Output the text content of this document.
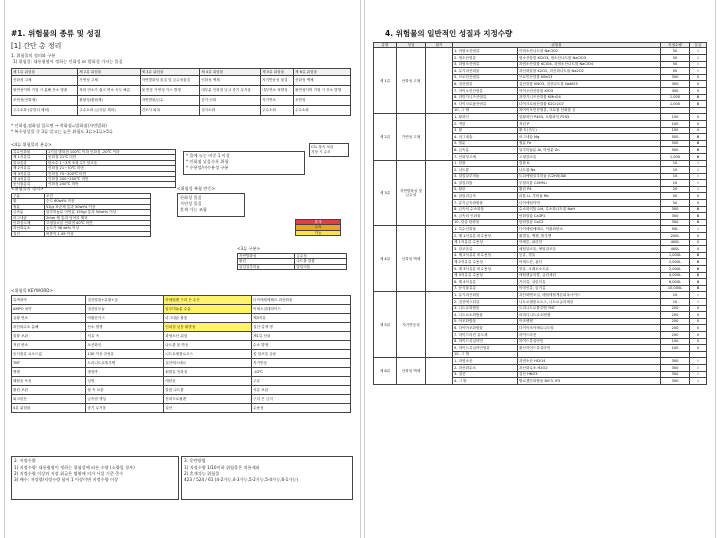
#1. 위험물의 종류 및 성질
[1] 간단 총 정리
1. 위험물의 정의와 구분
1) 위험물: 대통령령이 정하는 인화성 or 발화성 가지는 물질
제 1류 위험물	제 2류 위험물	제 3류 위험물	제 4류 위험물	제 5류 위험물	제 6류 위험물
산화성 고체	가연성 고체	자연발화성 물질 및 금수성물질	인화성 액체	자기반응성 물질	산화성 액체
불연성이며 가열 시 분해 산소 방출	착화 연소가 쉽고 연소 속도 빠름	물 반응 가연성 가스 발생	대부분 인화점 낮고 증기 무거움	내부연소 폭발성	불연성이며 가열 시 산소 발생
조연성(산화제)	환원성(환원제)	자연발화/금수	증기 인화	자기연소	조연성
주수소화 (알칼리 제외)	주수소화 (금속분 제외)	건조사 피복	질식소화	주수소화	주수소화
* 인화점,점화점 있으면 → 착화점=발화점(자연발화)
* 복수성상물 중 3류 알고는 높은 위험도 3류>1류>5류
<4류 위험물의 분류>
특수인화물	1기압 발화점 100℃ 이하 인화점 -20℃ 이하
제 1석유류	인화점 21℃ 미만
알코올류	탄소수 1~3개 포화 1가 알코올
제 2석유류	인화점 21~70℃ 미만
제 3석유류	인화점 70~200℃ 미만
제 4석유류	인화점 200~250℃ 미만
동식물유류	인화점 250℃ 미만
* 물에 녹는 비중 1 이상
* 인화점 낮을수록 위험
* 수용성/비수용성 구분
CS₂ 물속 보관
저장 시 수조
<위험물의 정의>
구분	조건
황	순도 60wt% 이상
철분	53㎛ 표준체 통과 50wt% 이상
금속분	알루미늄분 아연분 150㎛ 통과 50wt% 이상
마그네슘	2mm 체 통과 덩어리 제외
인화성고체	고형알코올 인화점 40℃ 미만
과산화수소	농도가 36 wt% 이상
질산	비중이 1.49 이상
<위험성 복합 반응>
산화성 물질
가연성 물질
혼재 가능 조합
혼재
주의
가능
<3류 구분>
자연발화성	금수성
황린	나트륨 칼륨
알킬알루미늄	알킬리튬
<위험물 KEYWORD>
흑색화약	질산칼륨+유황+숯	아세틸렌 구리 은 수은	다이에틸에테르 과산화물
AMPO 폭약	질산암모늄	알루미늄분 수분	아세트알데하이드
유황 연소	아황산가스	마그네슘 불꽃	제3석유
과산화수소 분해	산소 발생	인화점 낮음 휘발성	질산 갈색 병
칼륨 보관	석유 속	과염소산 위험	제1류 산화
적린 연소	오산화인	나트륨 물 반응	수소 발생
동식물유 요오드값	130 이상 건성유	니트로셀룰로오스	물 알코올 습윤
TNT	트리니트로톨루엔	질산에스테르	자기반응
벤젠	방향족	휘발유 인화점	-43℃
메탄올 독성	실명	에탄올	주류
황린 보관	물 속 보관	칼륨 나트륨	석유 보관
피크린산	금속염 생성	산화프로필렌	구리 은 금지
4류 위험물	증기 무거움	질산	수용성
2. 지정수량
1) 지정수량: 대통령령이 정하는 위험성에 따른 수량 (소량일 경우)
2) 지정수량 이상의 저장 취급은 법령에 의거 시설 기준 준수
3) 배수: 저장량/지정수량 합이 1 이상이면 지정수량 이상
3. 운반방법
1) 지정수량 1/10이하 위험물은 적용제외
2) 혼재가능 위험물
423 / 524 / 61 (4-2가능,4-3가능,5-2가능,5-4가능,6-1가능)
4. 위험물의 일반적인 성질과 지정수량
유별	성질	참기	위험물		지정수량	등급
제 1류	산화성 고체		1. 아염소산염류	아염소산나트륨 NaClO2	50	Ⅰ
			2. 염소산염류	염소산칼륨 KClO3, 염소산나트륨 NaClO3	50	Ⅰ
			3. 과염소산염류	과염소산칼륨 KClO4, 과염소산나트륨 NaClO4	50	Ⅰ
			4. 무기과산화물	과산화칼륨 K2O2, 과산화나트륨 Na2O2	50	Ⅰ
			5. 브로민산염류	브로민산칼륨 KBrO3	300	Ⅱ
			6. 질산염류	질산칼륨 KNO3, 질산나트륨 NaNO3	300	Ⅱ
			7. 아이오딘산염류	아이오딘산칼륨 KIO3	300	Ⅱ
			8. 과망가니즈산염류	과망가니즈산칼륨 KMnO4	1,000	Ⅲ
			9. 다이크로뮴산염류	다이크로뮴산칼륨 K2Cr2O7	1,000	Ⅲ
			10. 그 밖	과아이오딘산염류, 크로뮴 산화물 등		
제 2류	가연성 고체		1. 황화인	삼황화인 P4S3, 오황화인 P2S5	100	Ⅱ
			2. 적린	적린 P	100	Ⅱ
			3. 황	황 S (순도)	100	Ⅱ
			4. 마그네슘	마그네슘 Mg	500	Ⅲ
			5. 철분	철분 Fe	500	Ⅲ
			6. 금속분	알루미늄분 Al, 아연분 Zn	500	Ⅲ
			7. 인화성고체	고형알코올	1,000	Ⅲ
제 3류	자연발화성 및 금수성		1. 칼륨	칼륨 K	10	Ⅰ
			2. 나트륨	나트륨 Na	10	Ⅰ
			3. 알킬알루미늄	트리에틸알루미늄 (C2H5)3Al	10	Ⅰ
			4. 알킬리튬	부틸리튬 C4H9Li	10	Ⅰ
			5. 황린	황린 P4	20	Ⅰ
			6. 알칼리금속	리튬 Li, 루비듐 Rb	50	Ⅱ
			7. 유기금속화합물	다이에틸아연	50	Ⅱ
			8. 금속의 수소화물	수소화리튬 LiH, 수소화나트륨 NaH	300	Ⅲ
			9. 금속의 인화물	인화칼슘 Ca3P2	300	Ⅲ
			10. 칼슘 탄화물	탄화칼슘 CaC2	300	Ⅲ
제 4류	인화성 액체		1. 특수인화물	다이에틸에테르, 이황화탄소	50L	Ⅰ
			2. 제 1석유류 비수용성	휘발유, 벤젠, 톨루엔	200L	Ⅱ
			제 1석유류 수용성	아세톤, 피리딘	400L	Ⅱ
			3. 알코올류	메틸알코올, 에틸알코올	400L	Ⅱ
			4. 제 2석유류 비수용성	등유, 경유	1,000L	Ⅲ
			제 2석유류 수용성	아세트산, 폼산	2,000L	Ⅲ
			5. 제 3석유류 비수용성	중유, 크레오소트유	2,000L	Ⅲ
			제 3석유류 수용성	에틸렌글리콜, 글리세린	4,000L	Ⅲ
			6. 제 4석유류	기어유, 실린더유	6,000L	Ⅲ
			7. 동식물유류	아마인유, 들기름	10,000L	Ⅲ
제 5류	자기반응성		1. 유기과산화물	과산화벤조일, 메틸에틸케톤퍼옥사이드	10	Ⅰ
			2. 질산에스터류	니트로셀룰로오스, 니트로글리세린	10	Ⅰ
			3. 니트로화합물	트리니트로톨루엔 TNT	200	Ⅱ
			4. 니트로소화합물	파라디니트로소벤젠	200	Ⅱ
			5. 아조화합물	아조벤젠	200	Ⅱ
			6. 다이아조화합물	다이아조아세토니트릴	200	Ⅱ
			7. 하이드라진 유도체	하이드라진	200	Ⅱ
			8. 하이드록실아민	하이드록실아민	100	Ⅱ
			9. 하이드록실아민염류	황산하이드록실아민	100	Ⅱ
			10. 그 밖			
제 6류	산화성 액체		1. 과염소산	과염소산 HClO4	300	Ⅰ
			2. 과산화수소	과산화수소 H2O2	300	Ⅰ
			3. 질산	질산 HNO3	300	Ⅰ
			4. 그 밖	할로젠간화합물 BrF3, IF5	300	Ⅰ
